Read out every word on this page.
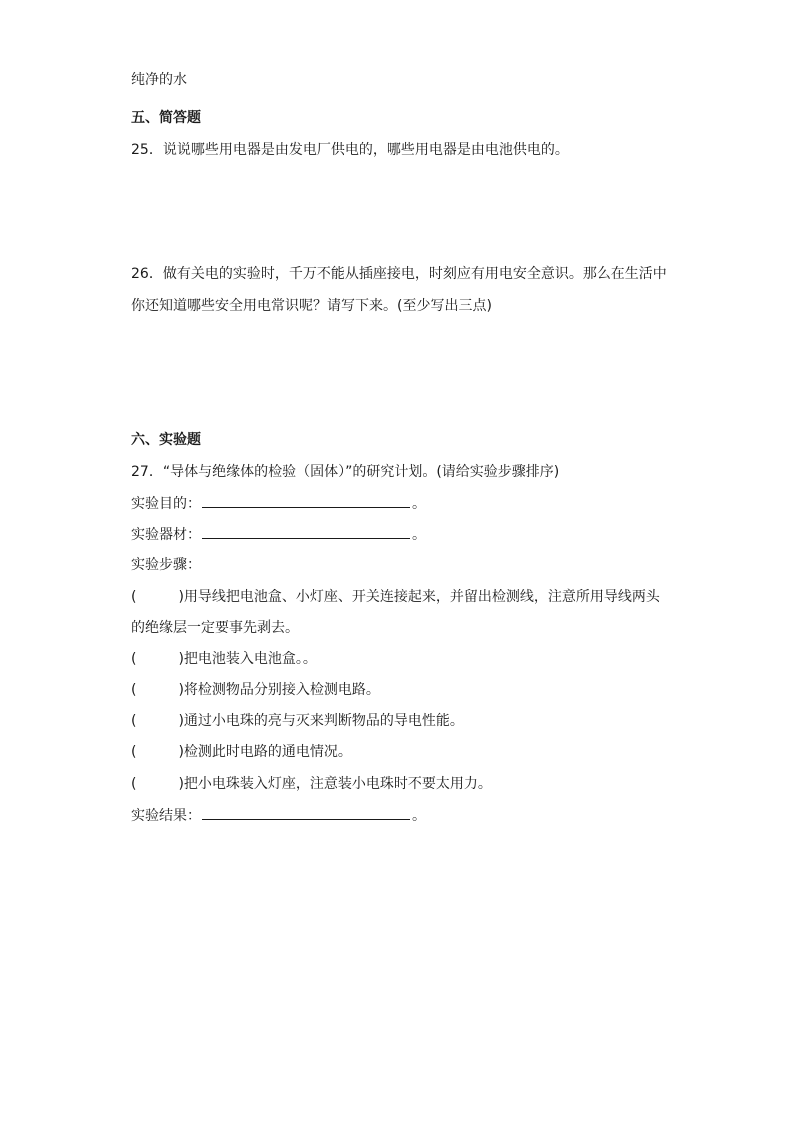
纯净的水
五、简答题
25．说说哪些用电器是由发电厂供电的，哪些用电器是由电池供电的。
26．做有关电的实验时，千万不能从插座接电，时刻应有用电安全意识。那么在生活中
你还知道哪些安全用电常识呢？请写下来。(至少写出三点)
六、实验题
27．“导体与绝缘体的检验（固体）”的研究计划。(请给实验步骤排序)
实验目的：	。
实验器材：	。
实验步骤：
(	)用导线把电池盒、小灯座、开关连接起来，并留出检测线，注意所用导线两头
的绝缘层一定要事先剥去。
(	)把电池装入电池盒。。
(	)将检测物品分别接入检测电路。
(	)通过小电珠的亮与灭来判断物品的导电性能。
(	)检测此时电路的通电情况。
(	)把小电珠装入灯座，注意装小电珠时不要太用力。
实验结果：	。
